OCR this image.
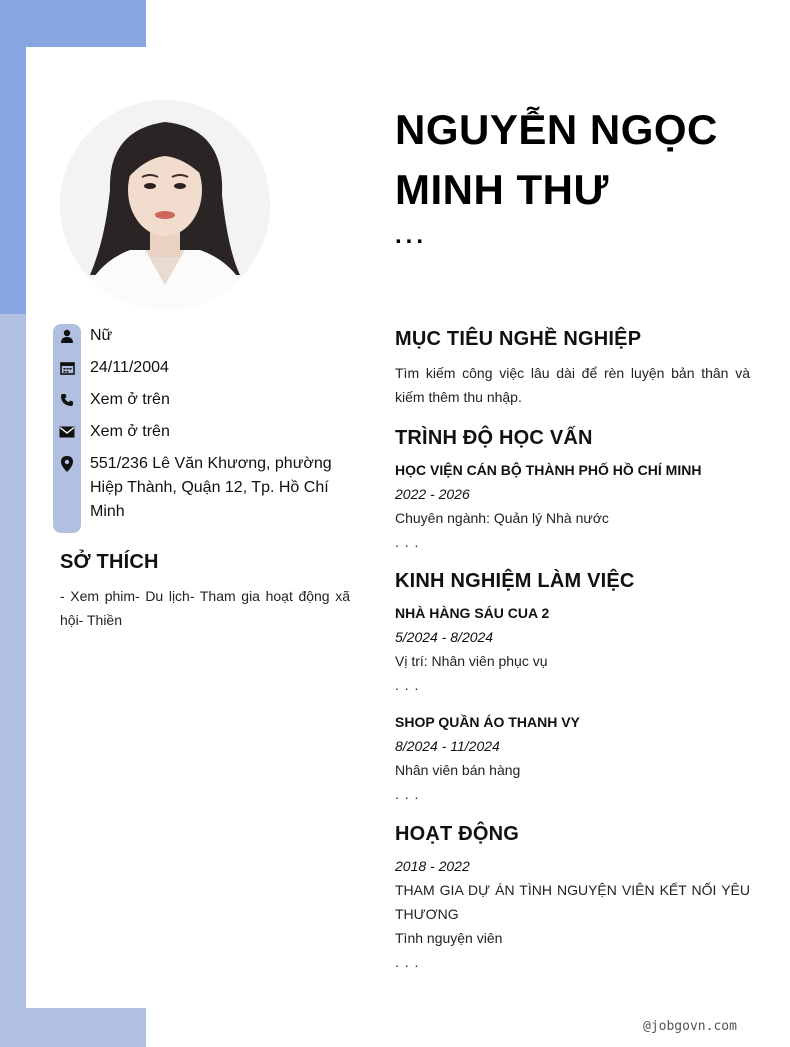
NGUYỄN NGỌC
MINH THƯ
...
Nữ
24/11/2004
Xem ở trên
Xem ở trên
551/236 Lê Văn Khương, phường Hiệp Thành, Quận 12, Tp. Hồ Chí Minh
SỞ THÍCH

- Xem phim- Du lịch- Tham gia hoạt động xã hội- Thiền

MỤC TIÊU NGHỀ NGHIỆP

Tìm kiếm công việc lâu dài để rèn luyện bản thân và kiếm thêm thu nhập.

TRÌNH ĐỘ HỌC VẤN
HỌC VIỆN CÁN BỘ THÀNH PHỐ HỒ CHÍ MINH
2022 - 2026
Chuyên ngành: Quản lý Nhà nước
. . .
KINH NGHIỆM LÀM VIỆC
NHÀ HÀNG SÁU CUA 2
5/2024 - 8/2024
Vị trí: Nhân viên phục vụ
. . .
SHOP QUẦN ÁO THANH VY
8/2024 - 11/2024
Nhân viên bán hàng
. . .
HOẠT ĐỘNG
2018 - 2022
THAM GIA DỰ ÁN TÌNH NGUYỆN VIÊN KẾT NỐI YÊU THƯƠNG
Tình nguyện viên
. . .
@jobgovn.com
